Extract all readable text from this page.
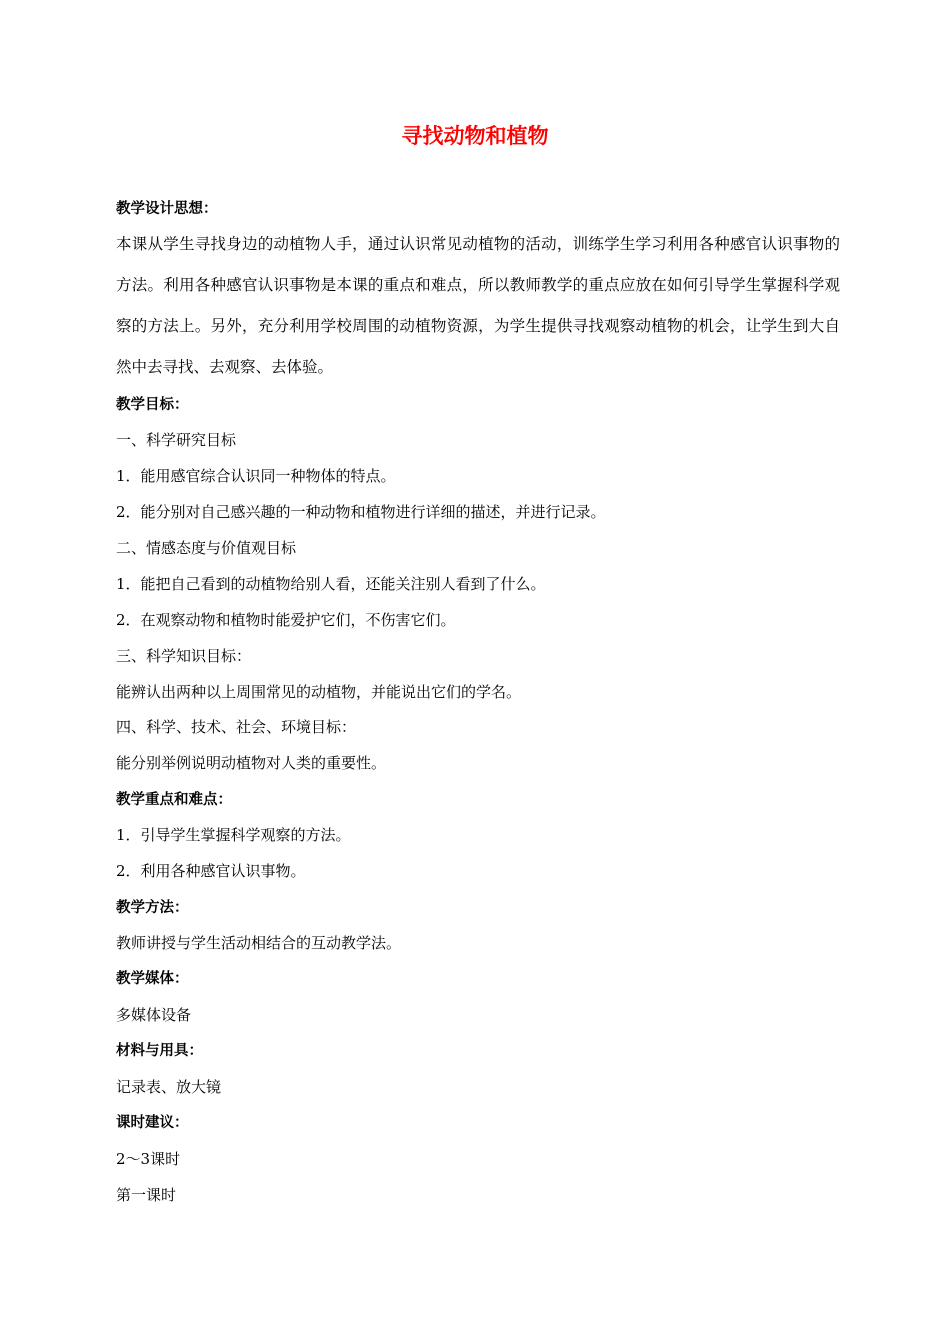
寻找动物和植物
教学设计思想：
本课从学生寻找身边的动植物人手，通过认识常见动植物的活动，训练学生学习利用各种感官认识事物的方法。利用各种感官认识事物是本课的重点和难点，所以教师教学的重点应放在如何引导学生掌握科学观察的方法上。另外，充分利用学校周围的动植物资源，为学生提供寻找观察动植物的机会，让学生到大自然中去寻找、去观察、去体验。
教学目标：
一、科学研究目标
1．能用感官综合认识同一种物体的特点。
2．能分别对自己感兴趣的一种动物和植物进行详细的描述，并进行记录。
二、情感态度与价值观目标
1．能把自己看到的动植物给别人看，还能关注别人看到了什么。
2．在观察动物和植物时能爱护它们，不伤害它们。
三、科学知识目标：
能辨认出两种以上周围常见的动植物，并能说出它们的学名。
四、科学、技术、社会、环境目标：
能分别举例说明动植物对人类的重要性。
教学重点和难点：
1．引导学生掌握科学观察的方法。
2．利用各种感官认识事物。
教学方法：
教师讲授与学生活动相结合的互动教学法。
教学媒体：
多媒体设备
材料与用具：
记录表、放大镜
课时建议：
2～3课时
第一课时
